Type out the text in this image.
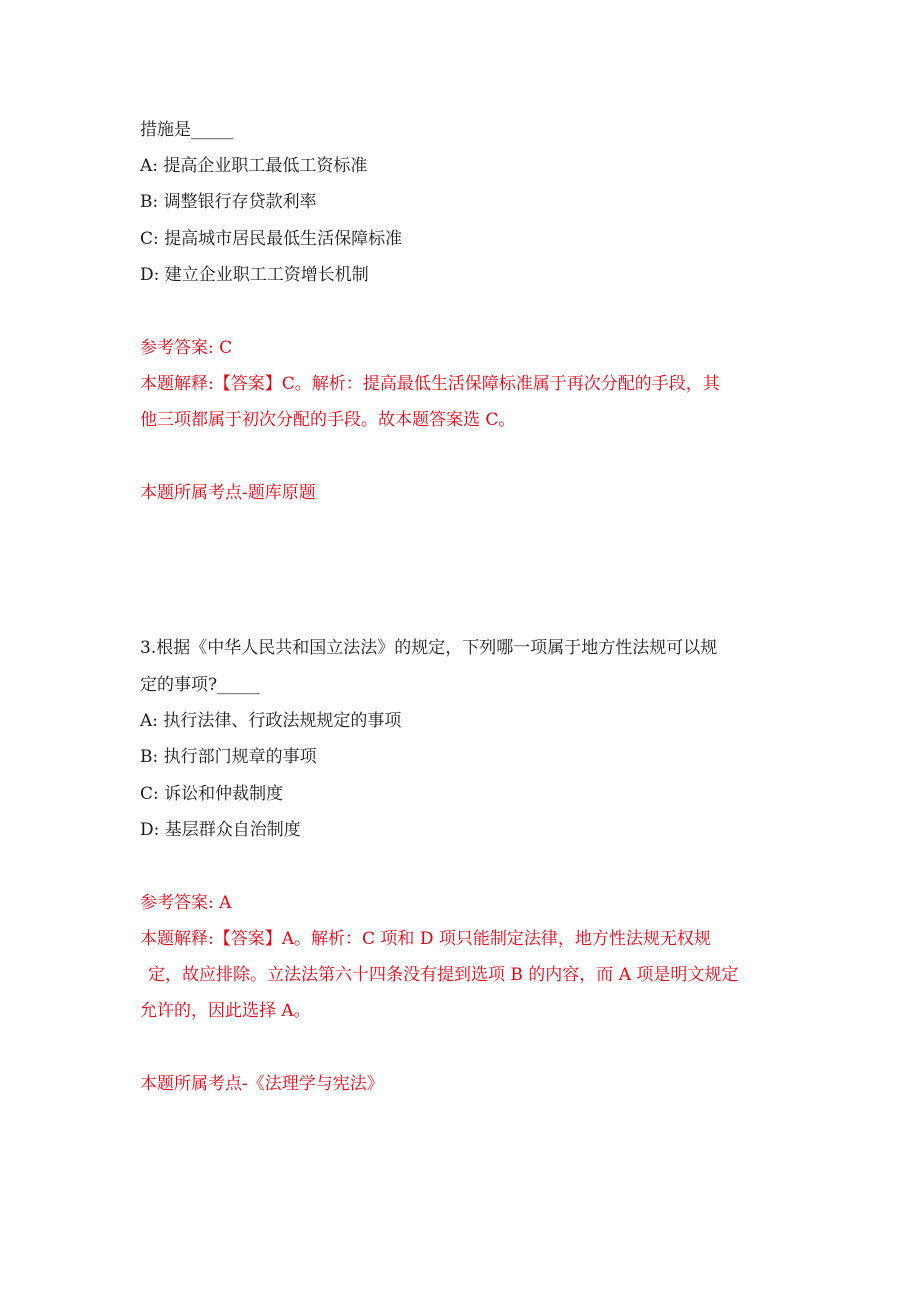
措施是_____
A: 提高企业职工最低工资标准
B: 调整银行存贷款利率
C: 提高城市居民最低生活保障标准
D: 建立企业职工工资增长机制
参考答案: C
本题解释:【答案】C。解析：提高最低生活保障标准属于再次分配的手段，其
他三项都属于初次分配的手段。故本题答案选 C。
本题所属考点-题库原题
3.根据《中华人民共和国立法法》的规定，下列哪一项属于地方性法规可以规
定的事项?_____
A: 执行法律、行政法规规定的事项
B: 执行部门规章的事项
C: 诉讼和仲裁制度
D: 基层群众自治制度
参考答案: A
本题解释:【答案】A。解析：C 项和 D 项只能制定法律，地方性法规无权规
定，故应排除。立法法第六十四条没有提到选项 B 的内容，而 A 项是明文规定
允许的，因此选择 A。
本题所属考点-《法理学与宪法》
